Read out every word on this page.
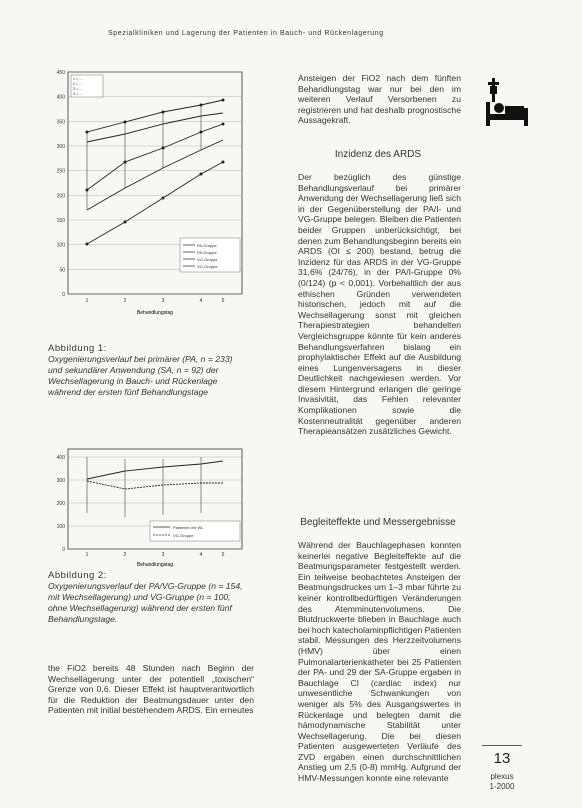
Spezialkliniken und Lagerung der Patienten in Bauch- und Rückenlagerung
0
50
100
150
200
250
300
350
400
450
1	2	3	4	5
Behandlungstag
1 = ...
2 = ...
3 = ...
4 = ...
PA-Gruppe
PA-Gruppe
VG-Gruppe
VG-Gruppe
Abbildung 1:
Oxygenierungsverlauf bei primärer (PA, n = 233) und sekundärer Anwendung (SA, n = 92) der Wechsellagerung in Bauch- und Rückenlage während der ersten fünf Behandlungstage
0
100
200
300
400
1	2	3	4	5
Behandlungstag
Patienten mit WL
VG-Gruppe
Abbildung 2:
Oxygenierungsverlauf der PA/VG-Gruppe (n = 154, mit Wechsellagerung) und VG-Gruppe (n = 100, ohne Wechsellagerung) während der ersten fünf Behandlungstage.
the FiO2 bereits 48 Stunden nach Beginn der Wechsellagerung unter der potentiell „toxischen“ Grenze von 0,6. Dieser Effekt ist hauptverantwortlich für die Reduktion der Beatmungsdauer unter den Patienten mit initial bestehendem ARDS. Ein erneutes
Ansteigen der FiO2 nach dem fünften Behandlungstag war nur bei den im weiteren Verlauf Versorbenen zu registrieren und hat deshalb prognostische Aussagekraft.
Inzidenz des ARDS
Der bezüglich des günstige Behandlungsverlauf bei primärer Anwendung der Wechsellagerung ließ sich in der Gegenüberstellung der PA/I- und VG-Gruppe belegen. Bleiben die Patienten beider Gruppen unberücksichtigt, bei denen zum Behandlungsbeginn bereits ein ARDS (OI ≤ 200) bestand, betrug die Inzidenz für das ARDS in der VG-Gruppe 31,6% (24/76), in der PA/I-Gruppe 0% (0/124) (p < 0,001). Vorbehaltlich der aus ethischen Gründen verwendeten historischen, jedoch mit auf die Wechsellagerung sonst mit gleichen Therapiestrategien behandelten Vergleichsgruppe könnte für kein anderes Behandlungsverfahren bislang ein prophylaktischer Effekt auf die Ausbildung eines Lungenversagens in dieser Deutlichkeit nachgewiesen werden. Vor diesem Hintergrund erlangen die geringe Invasivität, das Fehlen relevanter Komplikationen sowie die Kostenneutralität gegenüber anderen Therapieansätzen zusätzliches Gewicht.
Begleiteffekte und Messergebnisse
Während der Bauchlagephasen konnten keinerlei negative Begleiteffekte auf die Beatmungsparameter festgestellt werden. Ein teilweise beobachtetes Ansteigen der Beatmungsdruckes um 1–3 mbar führte zu keiner kontrollbedürftigen Veränderungen des Atemminutenvolumens. Die Blutdruckwerte blieben in Bauchlage auch bei hoch katecholaminpflichtigen Patienten stabil. Messungen des Herzzeitvolumens (HMV) über einen Pulmonalarterienkatheter bei 25 Patienten der PA- und 29 der SA-Gruppe ergaben in Bauchlage CI (cardiac index) nur unwesentliche Schwankungen von weniger als 5% des Ausgangswertes in Rückenlage und belegten damit die hämodynamische Stabilität unter Wechsellagerung. Die bei diesen Patienten ausgewerteten Verläufe des ZVD ergaben einen durchschnittlichen Anstieg um 2,5 (0-8) mmHg. Aufgrund der HMV-Messungen konnte eine relevante
13
plexus
1-2000
